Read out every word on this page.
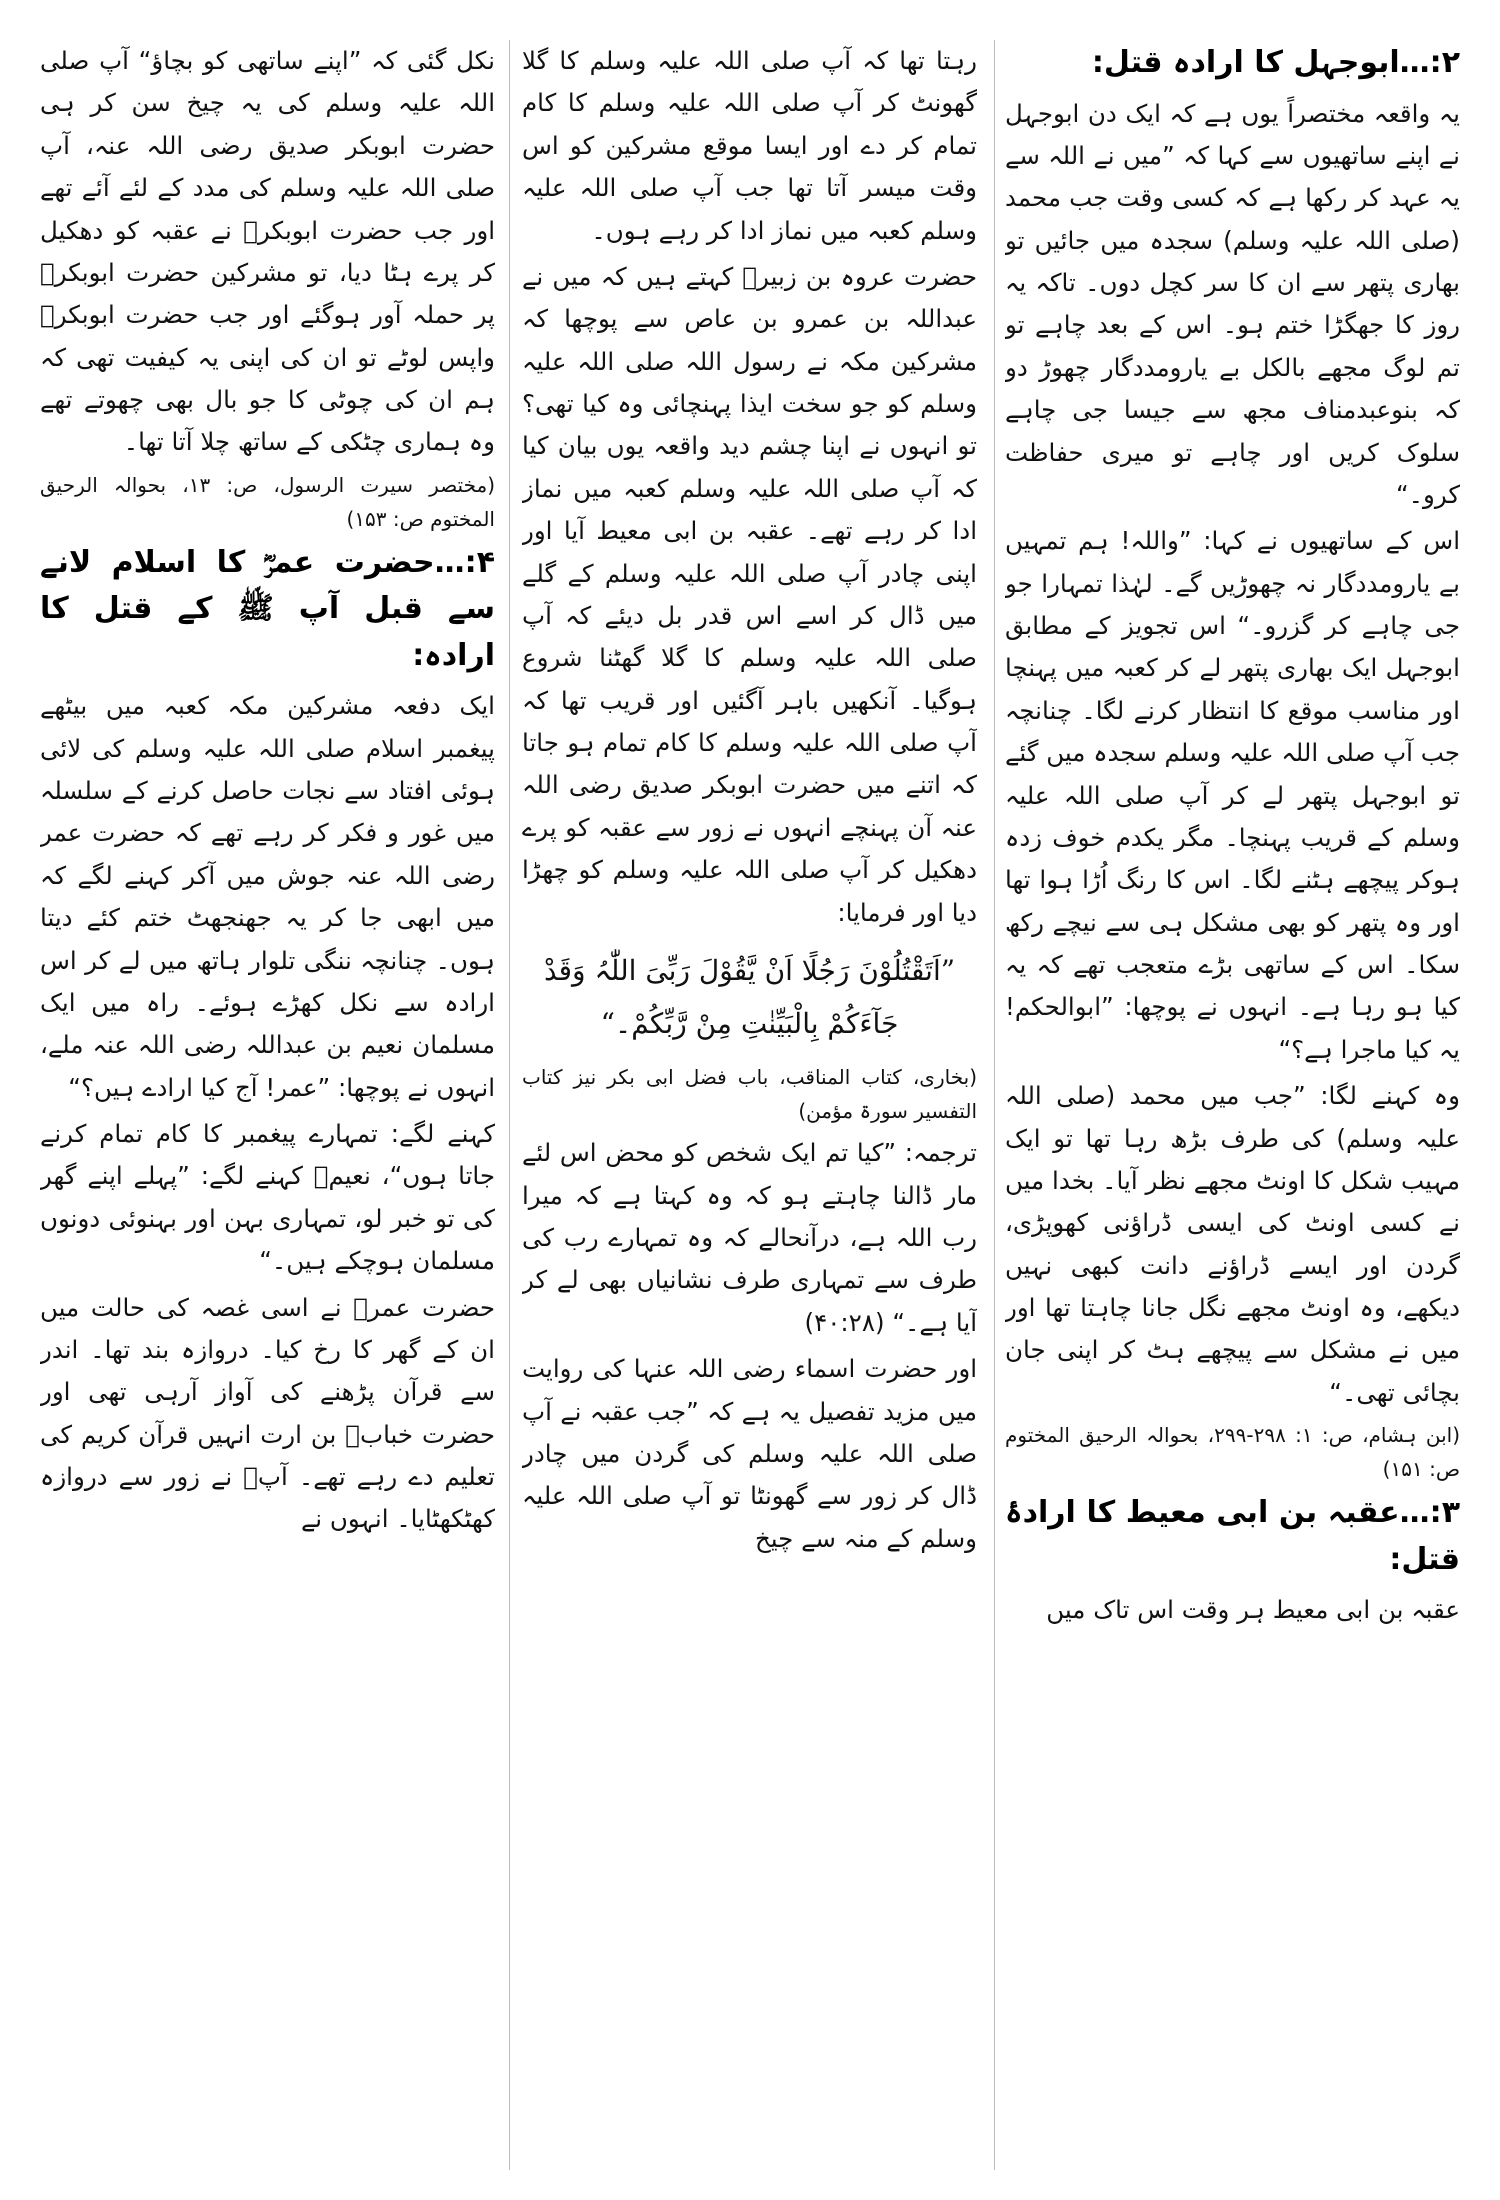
۲:…ابوجہل کا ارادہ قتل:

یہ واقعہ مختصراً یوں ہے کہ ایک دن ابوجہل نے اپنے ساتھیوں سے کہا کہ ”میں نے اللہ سے یہ عہد کر رکھا ہے کہ کسی وقت جب محمد (صلی اللہ علیہ وسلم) سجدہ میں جائیں تو بھاری پتھر سے ان کا سر کچل دوں۔ تاکہ یہ روز کا جھگڑا ختم ہو۔ اس کے بعد چاہے تو تم لوگ مجھے بالکل بے یارومددگار چھوڑ دو کہ بنوعبدمناف مجھ سے جیسا جی چاہے سلوک کریں اور چاہے تو میری حفاظت کرو۔“

اس کے ساتھیوں نے کہا: ”واللہ! ہم تمہیں بے یارومددگار نہ چھوڑیں گے۔ لہٰذا تمہارا جو جی چاہے کر گزرو۔“ اس تجویز کے مطابق ابوجہل ایک بھاری پتھر لے کر کعبہ میں پہنچا اور مناسب موقع کا انتظار کرنے لگا۔ چنانچہ جب آپ صلی اللہ علیہ وسلم سجدہ میں گئے تو ابوجہل پتھر لے کر آپ صلی اللہ علیہ وسلم کے قریب پہنچا۔ مگر یکدم خوف زدہ ہوکر پیچھے ہٹنے لگا۔ اس کا رنگ اُڑا ہوا تھا اور وہ پتھر کو بھی مشکل ہی سے نیچے رکھ سکا۔ اس کے ساتھی بڑے متعجب تھے کہ یہ کیا ہو رہا ہے۔ انہوں نے پوچھا: ”ابوالحکم! یہ کیا ماجرا ہے؟“

وہ کہنے لگا: ”جب میں محمد (صلی اللہ علیہ وسلم) کی طرف بڑھ رہا تھا تو ایک مہیب شکل کا اونٹ مجھے نظر آیا۔ بخدا میں نے کسی اونٹ کی ایسی ڈراؤنی کھوپڑی، گردن اور ایسے ڈراؤنے دانت کبھی نہیں دیکھے، وہ اونٹ مجھے نگل جانا چاہتا تھا اور میں نے مشکل سے پیچھے ہٹ کر اپنی جان بچائی تھی۔“

(ابن ہشام، ص: ۱: ۲۹۸-۲۹۹، بحوالہ الرحیق المختوم ص: ۱۵۱)

۳:…عقبہ بن ابی معیط کا ارادۂ قتل:

عقبہ بن ابی معیط ہر وقت اس تاک میں

رہتا تھا کہ آپ صلی اللہ علیہ وسلم کا گلا گھونٹ کر آپ صلی اللہ علیہ وسلم کا کام تمام کر دے اور ایسا موقع مشرکین کو اس وقت میسر آتا تھا جب آپ صلی اللہ علیہ وسلم کعبہ میں نماز ادا کر رہے ہوں۔

حضرت عروہ بن زبیرؓ کہتے ہیں کہ میں نے عبداللہ بن عمرو بن عاص سے پوچھا کہ مشرکین مکہ نے رسول اللہ صلی اللہ علیہ وسلم کو جو سخت ایذا پہنچائی وہ کیا تھی؟ تو انہوں نے اپنا چشم دید واقعہ یوں بیان کیا کہ آپ صلی اللہ علیہ وسلم کعبہ میں نماز ادا کر رہے تھے۔ عقبہ بن ابی معیط آیا اور اپنی چادر آپ صلی اللہ علیہ وسلم کے گلے میں ڈال کر اسے اس قدر بل دیئے کہ آپ صلی اللہ علیہ وسلم کا گلا گھٹنا شروع ہوگیا۔ آنکھیں باہر آگئیں اور قریب تھا کہ آپ صلی اللہ علیہ وسلم کا کام تمام ہو جاتا کہ اتنے میں حضرت ابوبکر صدیق رضی اللہ عنہ آن پہنچے انہوں نے زور سے عقبہ کو پرے دھکیل کر آپ صلی اللہ علیہ وسلم کو چھڑا دیا اور فرمایا:

”اَتَقْتُلُوْنَ رَجُلًا اَنْ یَّقُوْلَ رَبِّیَ اللّٰہُ وَقَدْ جَآءَکُمْ بِالْبَیِّنٰتِ مِنْ رَّبِّکُمْ۔“

(بخاری، کتاب المناقب، باب فضل ابی بکر نیز کتاب التفسیر سورۃ مؤمن)

ترجمہ: ”کیا تم ایک شخص کو محض اس لئے مار ڈالنا چاہتے ہو کہ وہ کہتا ہے کہ میرا رب اللہ ہے، درآنحالے کہ وہ تمہارے رب کی طرف سے تمہاری طرف نشانیاں بھی لے کر آیا ہے۔“ (۴۰:۲۸)

اور حضرت اسماء رضی اللہ عنہا کی روایت میں مزید تفصیل یہ ہے کہ ”جب عقبہ نے آپ صلی اللہ علیہ وسلم کی گردن میں چادر ڈال کر زور سے گھونٹا تو آپ صلی اللہ علیہ وسلم کے منہ سے چیخ

نکل گئی کہ ”اپنے ساتھی کو بچاؤ“ آپ صلی اللہ علیہ وسلم کی یہ چیخ سن کر ہی حضرت ابوبکر صدیق رضی اللہ عنہ، آپ صلی اللہ علیہ وسلم کی مدد کے لئے آئے تھے اور جب حضرت ابوبکرؓ نے عقبہ کو دھکیل کر پرے ہٹا دیا، تو مشرکین حضرت ابوبکرؓ پر حملہ آور ہوگئے اور جب حضرت ابوبکرؓ واپس لوٹے تو ان کی اپنی یہ کیفیت تھی کہ ہم ان کی چوٹی کا جو بال بھی چھوتے تھے وہ ہماری چٹکی کے ساتھ چلا آتا تھا۔

(مختصر سیرت الرسول، ص: ۱۳، بحوالہ الرحیق المختوم ص: ۱۵۳)

۴:…حضرت عمرؓ کا اسلام لانے سے قبل آپ ﷺ کے قتل کا ارادہ:

ایک دفعہ مشرکین مکہ کعبہ میں بیٹھے پیغمبر اسلام صلی اللہ علیہ وسلم کی لائی ہوئی افتاد سے نجات حاصل کرنے کے سلسلہ میں غور و فکر کر رہے تھے کہ حضرت عمر رضی اللہ عنہ جوش میں آکر کہنے لگے کہ میں ابھی جا کر یہ جھنجھٹ ختم کئے دیتا ہوں۔ چنانچہ ننگی تلوار ہاتھ میں لے کر اس ارادہ سے نکل کھڑے ہوئے۔ راہ میں ایک مسلمان نعیم بن عبداللہ رضی اللہ عنہ ملے، انہوں نے پوچھا: ”عمر! آج کیا ارادے ہیں؟“

کہنے لگے: تمہارے پیغمبر کا کام تمام کرنے جاتا ہوں“، نعیمؓ کہنے لگے: ”پہلے اپنے گھر کی تو خبر لو، تمہاری بہن اور بہنوئی دونوں مسلمان ہوچکے ہیں۔“

حضرت عمرؓ نے اسی غصہ کی حالت میں ان کے گھر کا رخ کیا۔ دروازہ بند تھا۔ اندر سے قرآن پڑھنے کی آواز آرہی تھی اور حضرت خبابؓ بن ارت انہیں قرآن کریم کی تعلیم دے رہے تھے۔ آپؓ نے زور سے دروازہ کھٹکھٹایا۔ انہوں نے
